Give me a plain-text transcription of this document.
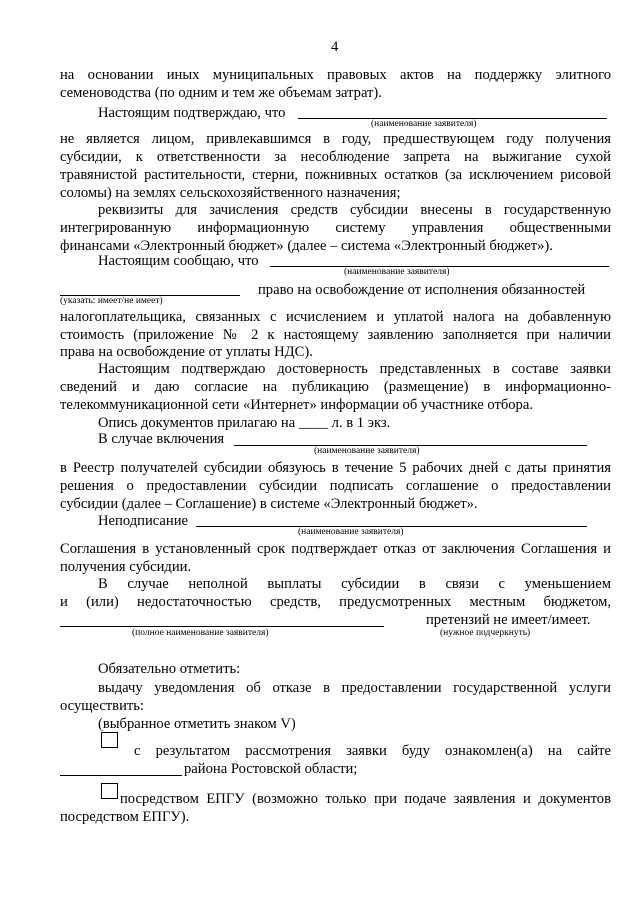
4
на основании иных муниципальных правовых актов на поддержку элитного
семеноводства (по одним и тем же объемам затрат).
Настоящим подтверждаю, что
(наименование заявителя)
не является лицом, привлекавшимся в году, предшествующем году получения
субсидии, к ответственности за несоблюдение запрета на выжигание сухой
травянистой растительности, стерни, пожнивных остатков (за исключением рисовой
соломы) на землях сельскохозяйственного назначения;
реквизиты для зачисления средств субсидии внесены в государственную
интегрированную информационную систему управления общественными
финансами «Электронный бюджет» (далее – система «Электронный бюджет»).
Настоящим сообщаю, что
(наименование заявителя)
право на освобождение от исполнения обязанностей
(указать: имеет/не имеет)
налогоплательщика, связанных с исчислением и уплатой налога на добавленную
стоимость (приложение № 2 к настоящему заявлению заполняется при наличии
права на освобождение от уплаты НДС).
Настоящим подтверждаю достоверность представленных в составе заявки
сведений и даю согласие на публикацию (размещение) в информационно-
телекоммуникационной сети «Интернет» информации об участнике отбора.
Опись документов прилагаю на ____ л. в 1 экз.
В случае включения
(наименование заявителя)
в Реестр получателей субсидии обязуюсь в течение 5 рабочих дней с даты принятия
решения о предоставлении субсидии подписать соглашение о предоставлении
субсидии (далее – Соглашение) в системе «Электронный бюджет».
Неподписание
(наименование заявителя)
Соглашения в установленный срок подтверждает отказ от заключения Соглашения и
получения субсидии.
В случае неполной выплаты субсидии в связи с уменьшением
и (или) недостаточностью средств, предусмотренных местным бюджетом,
претензий не имеет/имеет.
(полное наименование заявителя)	(нужное подчеркнуть)
Обязательно отметить:
выдачу уведомления об отказе в предоставлении государственной услуги
осуществить:
(выбранное отметить знаком V)
с результатом рассмотрения заявки буду ознакомлен(а) на сайте
района Ростовской области;
посредством ЕПГУ (возможно только при подаче заявления и документов
посредством ЕПГУ).
